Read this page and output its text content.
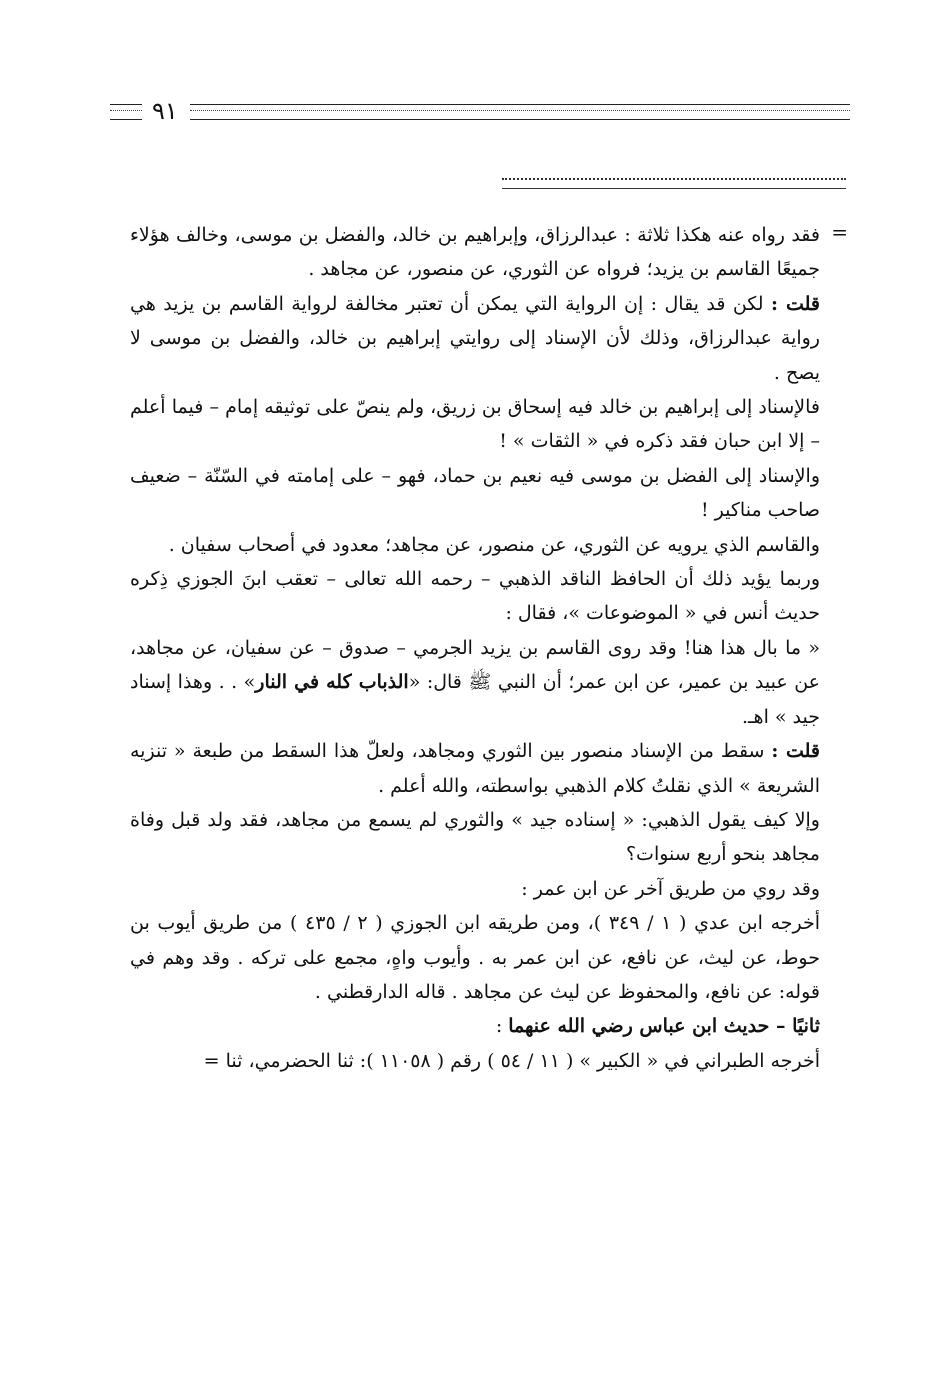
٩١
=

فقد رواه عنه هكذا ثلاثة : عبدالرزاق، وإبراهيم بن خالد، والفضل بن موسى، وخالف هؤلاء جميعًا القاسم بن يزيد؛ فرواه عن الثوري، عن منصور، عن مجاهد .

قلت : لكن قد يقال : إن الرواية التي يمكن أن تعتبر مخالفة لرواية القاسم بن يزيد هي رواية عبدالرزاق، وذلك لأن الإسناد إلى روايتي إبراهيم بن خالد، والفضل بن موسى لا يصح .

فالإسناد إلى إبراهيم بن خالد فيه إسحاق بن زريق، ولم ينصّ على توثيقه إمام – فيما أعلم – إلا ابن حبان فقد ذكره في « الثقات » !

والإسناد إلى الفضل بن موسى فيه نعيم بن حماد، فهو – على إمامته في السّنّة – ضعيف صاحب مناكير !

والقاسم الذي يرويه عن الثوري، عن منصور، عن مجاهد؛ معدود في أصحاب سفيان .

وربما يؤيد ذلك أن الحافظ الناقد الذهبي – رحمه الله تعالى – تعقب ابنَ الجوزي ذِكره حديث أنس في « الموضوعات »، فقال :

« ما بال هذا هنا! وقد روى القاسم بن يزيد الجرمي – صدوق – عن سفيان، عن مجاهد، عن عبيد بن عمير، عن ابن عمر؛ أن النبي ﷺ قال: «الذباب كله في النار» . . وهذا إسناد جيد » اهـ.

قلت : سقط من الإسناد منصور بين الثوري ومجاهد، ولعلّ هذا السقط من طبعة « تنزيه الشريعة » الذي نقلتُ كلام الذهبي بواسطته، والله أعلم .

وإلا كيف يقول الذهبي: « إسناده جيد » والثوري لم يسمع من مجاهد، فقد ولد قبل وفاة مجاهد بنحو أربع سنوات؟

وقد روي من طريق آخر عن ابن عمر :

أخرجه ابن عدي ( ١ / ٣٤٩ )، ومن طريقه ابن الجوزي ( ٢ / ٤٣٥ ) من طريق أيوب بن حوط، عن ليث، عن نافع، عن ابن عمر به . وأيوب واهٍ، مجمع على تركه . وقد وهم في قوله: عن نافع، والمحفوظ عن ليث عن مجاهد . قاله الدارقطني .

ثانيًا – حديث ابن عباس رضي الله عنهما :

أخرجه الطبراني في « الكبير » ( ١١ / ٥٤ ) رقم ( ١١٠٥٨ ): ثنا الحضرمي، ثنا =
